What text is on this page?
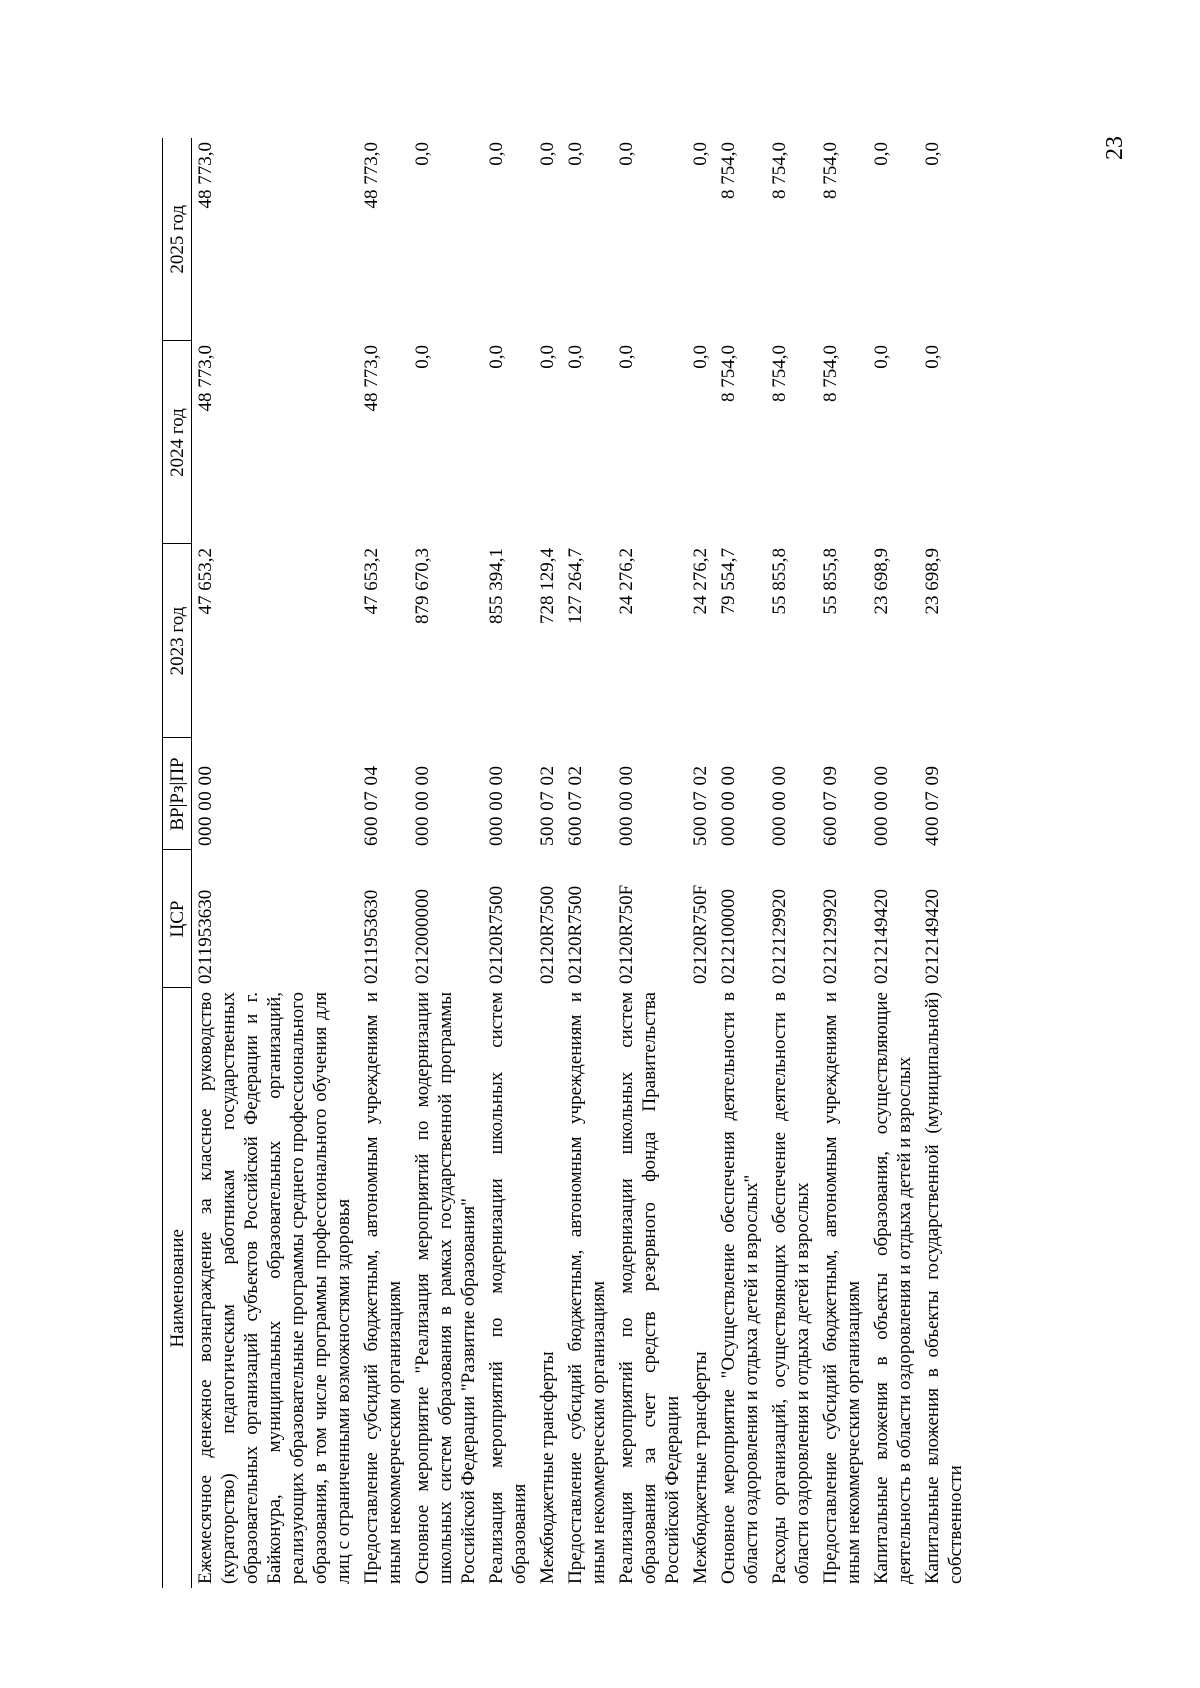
23
Наименование	ЦСР	ВР|Рз|ПР	2023 год	2024 год	2025 год
Ежемесячное денежное вознаграждение за классное руководство (кураторство) педагогическим работникам государственных образовательных организаций субъектов Российской Федерации и г. Байконура, муниципальных образовательных организаций, реализующих образовательные программы среднего профессионального образования, в том числе программы профессионального обучения для лиц с ограниченными возможностями здоровья	0211953630	000 00 00	47 653,2	48 773,0	48 773,0
Предоставление субсидий бюджетным, автономным учреждениям и иным некоммерческим организациям	0211953630	600 07 04	47 653,2	48 773,0	48 773,0
Основное мероприятие "Реализация мероприятий по модернизации школьных систем образования в рамках государственной программы Российской Федерации "Развитие образования"	0212000000	000 00 00	879 670,3	0,0	0,0
Реализация мероприятий по модернизации школьных систем образования	02120R7500	000 00 00	855 394,1	0,0	0,0
Межбюджетные трансферты	02120R7500	500 07 02	728 129,4	0,0	0,0
Предоставление субсидий бюджетным, автономным учреждениям и иным некоммерческим организациям	02120R7500	600 07 02	127 264,7	0,0	0,0
Реализация мероприятий по модернизации школьных систем образования за счет средств резервного фонда Правительства Российской Федерации	02120R750F	000 00 00	24 276,2	0,0	0,0
Межбюджетные трансферты	02120R750F	500 07 02	24 276,2	0,0	0,0
Основное мероприятие "Осуществление обеспечения деятельности в области оздоровления и отдыха детей и взрослых"	0212100000	000 00 00	79 554,7	8 754,0	8 754,0
Расходы организаций, осуществляющих обеспечение деятельности в области оздоровления и отдыха детей и взрослых	0212129920	000 00 00	55 855,8	8 754,0	8 754,0
Предоставление субсидий бюджетным, автономным учреждениям и иным некоммерческим организациям	0212129920	600 07 09	55 855,8	8 754,0	8 754,0
Капитальные вложения в объекты образования, осуществляющие деятельность в области оздоровления и отдыха детей и взрослых	0212149420	000 00 00	23 698,9	0,0	0,0
Капитальные вложения в объекты государственной (муниципальной) собственности	0212149420	400 07 09	23 698,9	0,0	0,0
